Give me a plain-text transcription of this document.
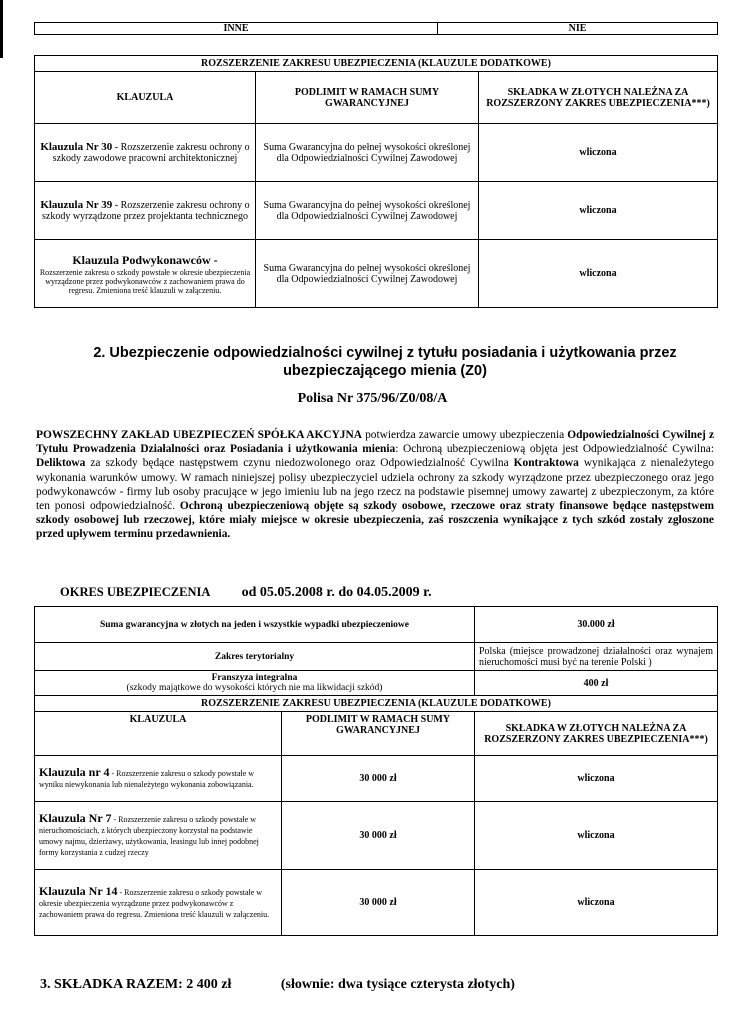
INNE	NIE
ROZSZERZENIE ZAKRESU UBEZPIECZENIA (KLAUZULE DODATKOWE)		
KLAUZULA	PODLIMIT W RAMACH SUMY GWARANCYJNEJ	SKŁADKA W ZŁOTYCH NALEŻNA ZA ROZSZERZONY ZAKRES UBEZPIECZENIA***)
Klauzula Nr 30 - Rozszerzenie zakresu ochrony o szkody zawodowe pracowni architektonicznej	Suma Gwarancyjna do pełnej wysokości określonej dla Odpowiedzialności Cywilnej Zawodowej	wliczona
Klauzula Nr 39 - Rozszerzenie zakresu ochrony o szkody wyrządzone przez projektanta technicznego	Suma Gwarancyjna do pełnej wysokości określonej dla Odpowiedzialności Cywilnej Zawodowej	wliczona

Klauzula Podwykonawców -
Rozszerzenie zakresu o szkody powstałe w okresie ubezpieczenia wyrządzone przez podwykonawców z zachowaniem prawa do regresu. Zmieniona treść klauzuli w załączeniu.	Suma Gwarancyjna do pełnej wysokości określonej dla Odpowiedzialności Cywilnej Zawodowej	wliczona
2. Ubezpieczenie odpowiedzialności cywilnej z tytułu posiadania i użytkowania przez ubezpieczającego mienia (Z0)
Polisa Nr 375/96/Z0/08/A
POWSZECHNY ZAKŁAD UBEZPIECZEŃ SPÓŁKA AKCYJNA potwierdza zawarcie umowy ubezpieczenia Odpowiedzialności Cywilnej z Tytułu Prowadzenia Działalności oraz Posiadania i użytkowania mienia: Ochroną ubezpieczeniową objęta jest Odpowiedzialność Cywilna: Deliktowa za szkody będące następstwem czynu niedozwolonego oraz Odpowiedzialność Cywilna Kontraktowa wynikająca z nienależytego wykonania warunków umowy. W ramach niniejszej polisy ubezpieczyciel udziela ochrony za szkody wyrządzone przez ubezpieczonego oraz jego podwykonawców - firmy lub osoby pracujące w jego imieniu lub na jego rzecz na podstawie pisemnej umowy zawartej z ubezpieczonym, za które ten ponosi odpowiedzialność. Ochroną ubezpieczeniową objęte są szkody osobowe, rzeczowe oraz straty finansowe będące następstwem szkody osobowej lub rzeczowej, które miały miejsce w okresie ubezpieczenia, zaś roszczenia wynikające z tych szkód zostały zgłoszone przed upływem terminu przedawnienia.
OKRES UBEZPIECZENIA od 05.05.2008 r. do 04.05.2009 r.
Suma gwarancyjna w złotych na jeden i wszystkie wypadki ubezpieczeniowe		30.000 zł
Zakres terytorialny		Polska (miejsce prowadzonej działalności oraz wynajem nieruchomości musi być na terenie Polski )

Franszyza integralna
(szkody majątkowe do wysokości których nie ma likwidacji szkód)		400 zł
ROZSZERZENIE ZAKRESU UBEZPIECZENIA (KLAUZULE DODATKOWE)		
KLAUZULA	PODLIMIT W RAMACH SUMY GWARANCYJNEJ	SKŁADKA W ZŁOTYCH NALEŻNA ZA ROZSZERZONY ZAKRES UBEZPIECZENIA***)
Klauzula nr 4 - Rozszerzenie zakresu o szkody powstałe w wyniku niewykonania lub nienależytego wykonania zobowiązania.	30 000 zł	wliczona
Klauzula Nr 7 - Rozszerzenie zakresu o szkody powstałe w nieruchomościach, z których ubezpieczony korzystał na podstawie umowy najmu, dzierżawy, użytkowania, leasingu lub innej podobnej formy korzystania z cudzej rzeczy	30 000 zł	wliczona
Klauzula Nr 14 - Rozszerzenie zakresu o szkody powstałe w okresie ubezpieczenia wyrządzone przez podwykonawców z zachowaniem prawa do regresu. Zmieniona treść klauzuli w załączeniu.	30 000 zł	wliczona
3. SKŁADKA RAZEM: 2 400 zł	(słownie: dwa tysiące czterysta złotych)
